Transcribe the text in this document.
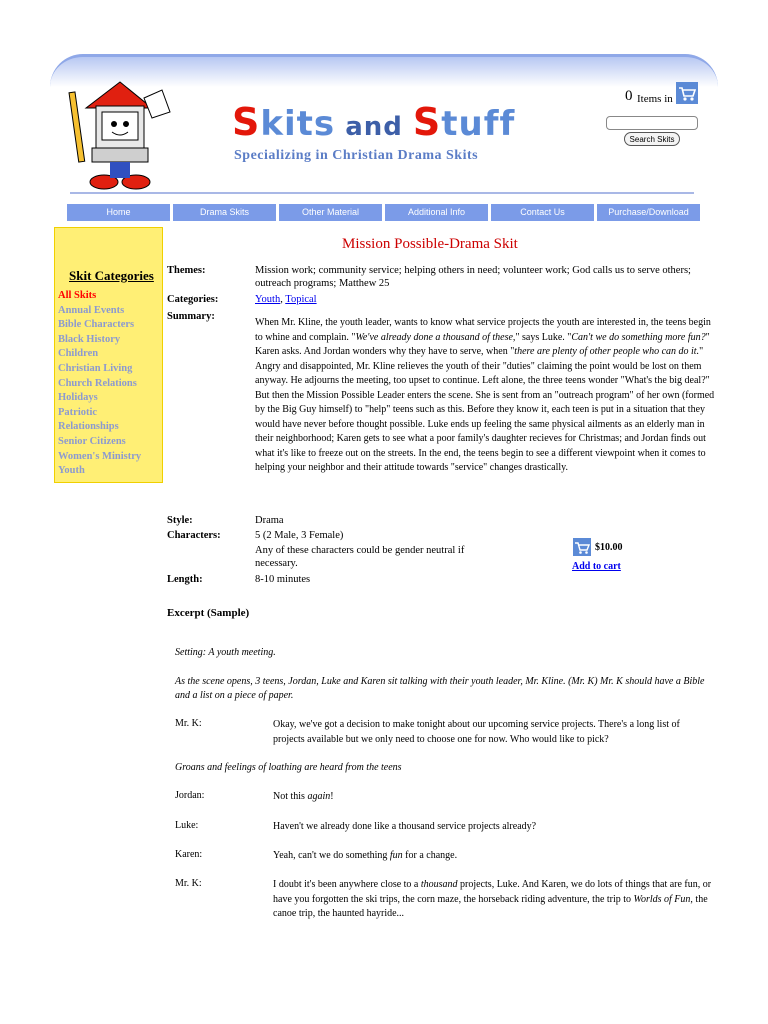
Skits and Stuff
Specializing in Christian Drama Skits
0 Items in
Search Skits
Home	Drama Skits	Other Material	Additional Info	Contact Us	Purchase/Download
Skit Categories
All Skits
Annual Events
Bible Characters
Black History
Children
Christian Living
Church Relations
Holidays
Patriotic
Relationships
Senior Citizens
Women's Ministry
Youth
Mission Possible-Drama Skit
Themes:	Mission work; community service; helping others in need; volunteer work; God calls us to serve others; outreach programs; Matthew 25
Categories:	Youth, Topical
Summary:
When Mr. Kline, the youth leader, wants to know what service projects the youth are interested in, the teens begin to whine and complain. "We've already done a thousand of these," says Luke. "Can't we do something more fun?" Karen asks. And Jordan wonders why they have to serve, when "there are plenty of other people who can do it." Angry and disappointed, Mr. Kline relieves the youth of their "duties" claiming the point would be lost on them anyway. He adjourns the meeting, too upset to continue. Left alone, the three teens wonder "What's the big deal?" But then the Mission Possible Leader enters the scene. She is sent from an "outreach program" of her own (formed by the Big Guy himself) to "help" teens such as this. Before they know it, each teen is put in a situation that they would have never before thought possible. Luke ends up feeling the same physical ailments as an elderly man in their neighborhood; Karen gets to see what a poor family's daughter recieves for Christmas; and Jordan finds out what it's like to freeze out on the streets. In the end, the teens begin to see a different viewpoint when it comes to helping your neighbor and their attitude towards "service" changes drastically.
Style:	Drama
Characters:	5 (2 Male, 3 Female)
Any of these characters could be gender neutral if necessary.
Length:	8-10 minutes
$10.00
Add to cart
Excerpt (Sample)
Setting: A youth meeting.
As the scene opens, 3 teens, Jordan, Luke and Karen sit talking with their youth leader, Mr. Kline. (Mr. K) Mr. K should have a Bible and a list on a piece of paper.
Mr. K:	Okay, we've got a decision to make tonight about our upcoming service projects. There's a long list of projects available but we only need to choose one for now. Who would like to pick?
Groans and feelings of loathing are heard from the teens
Jordan:	Not this again!
Luke:	Haven't we already done like a thousand service projects already?
Karen:	Yeah, can't we do something fun for a change.
Mr. K:	I doubt it's been anywhere close to a thousand projects, Luke. And Karen, we do lots of things that are fun, or have you forgotten the ski trips, the corn maze, the horseback riding adventure, the trip to Worlds of Fun, the canoe trip, the haunted hayride...
